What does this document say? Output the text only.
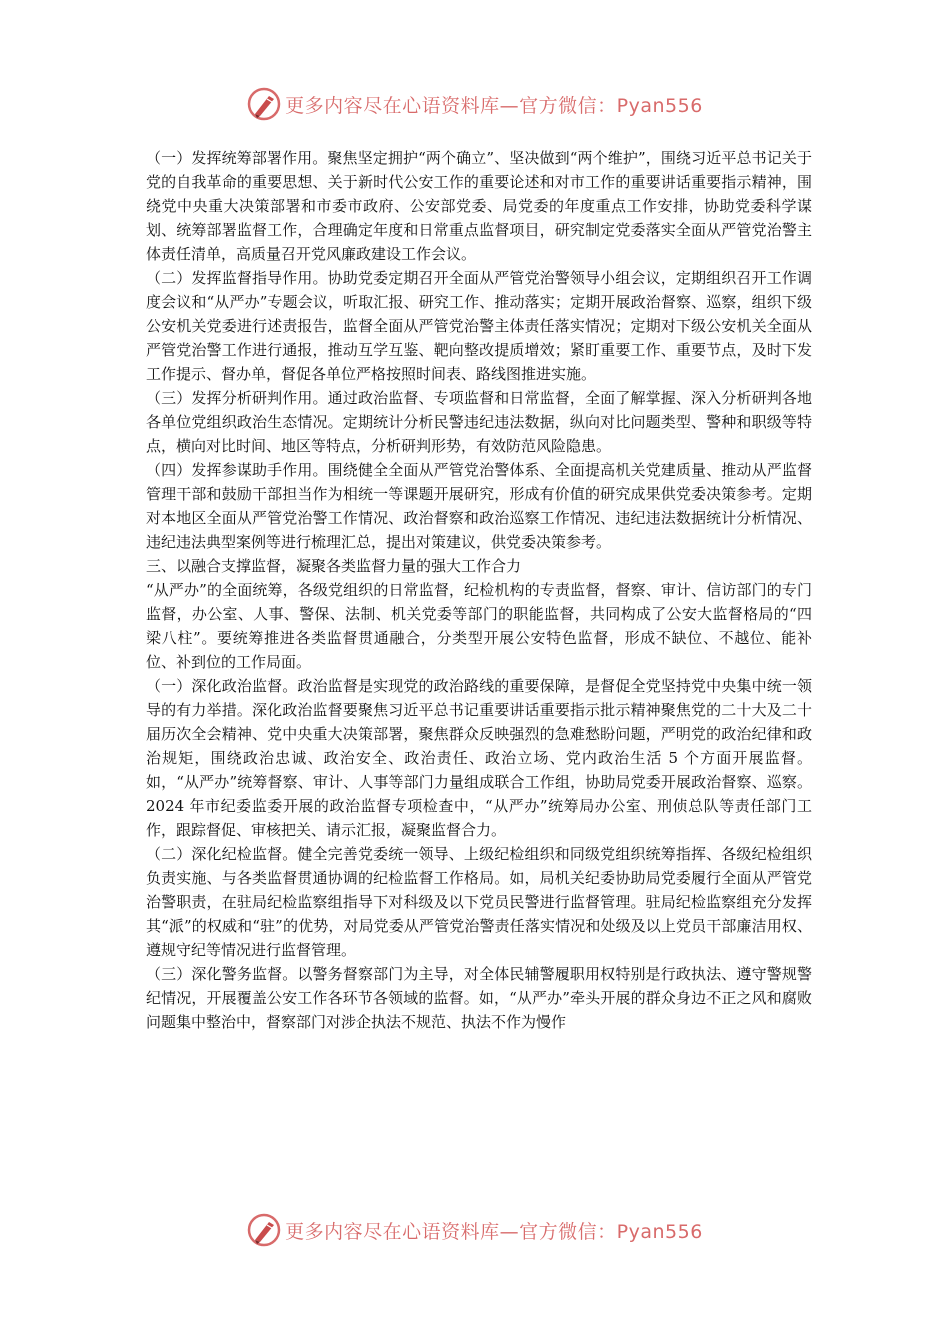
更多内容尽在心语资料库—官方微信：Pyan556

（一）发挥统筹部署作用。聚焦坚定拥护“两个确立”、坚决做到“两个维护”，围绕习近平总书记关于党的自我革命的重要思想、关于新时代公安工作的重要论述和对市工作的重要讲话重要指示精神，围绕党中央重大决策部署和市委市政府、公安部党委、局党委的年度重点工作安排，协助党委科学谋划、统筹部署监督工作，合理确定年度和日常重点监督项目，研究制定党委落实全面从严管党治警主体责任清单，高质量召开党风廉政建设工作会议。

（二）发挥监督指导作用。协助党委定期召开全面从严管党治警领导小组会议，定期组织召开工作调度会议和“从严办”专题会议，听取汇报、研究工作、推动落实；定期开展政治督察、巡察，组织下级公安机关党委进行述责报告，监督全面从严管党治警主体责任落实情况；定期对下级公安机关全面从严管党治警工作进行通报，推动互学互鉴、靶向整改提质增效；紧盯重要工作、重要节点，及时下发工作提示、督办单，督促各单位严格按照时间表、路线图推进实施。

（三）发挥分析研判作用。通过政治监督、专项监督和日常监督，全面了解掌握、深入分析研判各地各单位党组织政治生态情况。定期统计分析民警违纪违法数据，纵向对比问题类型、警种和职级等特点，横向对比时间、地区等特点，分析研判形势，有效防范风险隐患。

（四）发挥参谋助手作用。围绕健全全面从严管党治警体系、全面提高机关党建质量、推动从严监督管理干部和鼓励干部担当作为相统一等课题开展研究，形成有价值的研究成果供党委决策参考。定期对本地区全面从严管党治警工作情况、政治督察和政治巡察工作情况、违纪违法数据统计分析情况、违纪违法典型案例等进行梳理汇总，提出对策建议，供党委决策参考。

三、以融合支撑监督，凝聚各类监督力量的强大工作合力

“从严办”的全面统筹，各级党组织的日常监督，纪检机构的专责监督，督察、审计、信访部门的专门监督，办公室、人事、警保、法制、机关党委等部门的职能监督，共同构成了公安大监督格局的“四梁八柱”。要统筹推进各类监督贯通融合，分类型开展公安特色监督，形成不缺位、不越位、能补位、补到位的工作局面。

（一）深化政治监督。政治监督是实现党的政治路线的重要保障，是督促全党坚持党中央集中统一领导的有力举措。深化政治监督要聚焦习近平总书记重要讲话重要指示批示精神聚焦党的二十大及二十届历次全会精神、党中央重大决策部署，聚焦群众反映强烈的急难愁盼问题，严明党的政治纪律和政治规矩，围绕政治忠诚、政治安全、政治责任、政治立场、党内政治生活 5 个方面开展监督。如，“从严办”统筹督察、审计、人事等部门力量组成联合工作组，协助局党委开展政治督察、巡察。2024 年市纪委监委开展的政治监督专项检查中，“从严办”统筹局办公室、刑侦总队等责任部门工作，跟踪督促、审核把关、请示汇报，凝聚监督合力。

（二）深化纪检监督。健全完善党委统一领导、上级纪检组织和同级党组织统筹指挥、各级纪检组织负责实施、与各类监督贯通协调的纪检监督工作格局。如，局机关纪委协助局党委履行全面从严管党治警职责，在驻局纪检监察组指导下对科级及以下党员民警进行监督管理。驻局纪检监察组充分发挥其“派”的权威和“驻”的优势，对局党委从严管党治警责任落实情况和处级及以上党员干部廉洁用权、遵规守纪等情况进行监督管理。

（三）深化警务监督。以警务督察部门为主导，对全体民辅警履职用权特别是行政执法、遵守警规警纪情况，开展覆盖公安工作各环节各领域的监督。如，“从严办”牵头开展的群众身边不正之风和腐败问题集中整治中，督察部门对涉企执法不规范、执法不作为慢作

更多内容尽在心语资料库—官方微信：Pyan556
